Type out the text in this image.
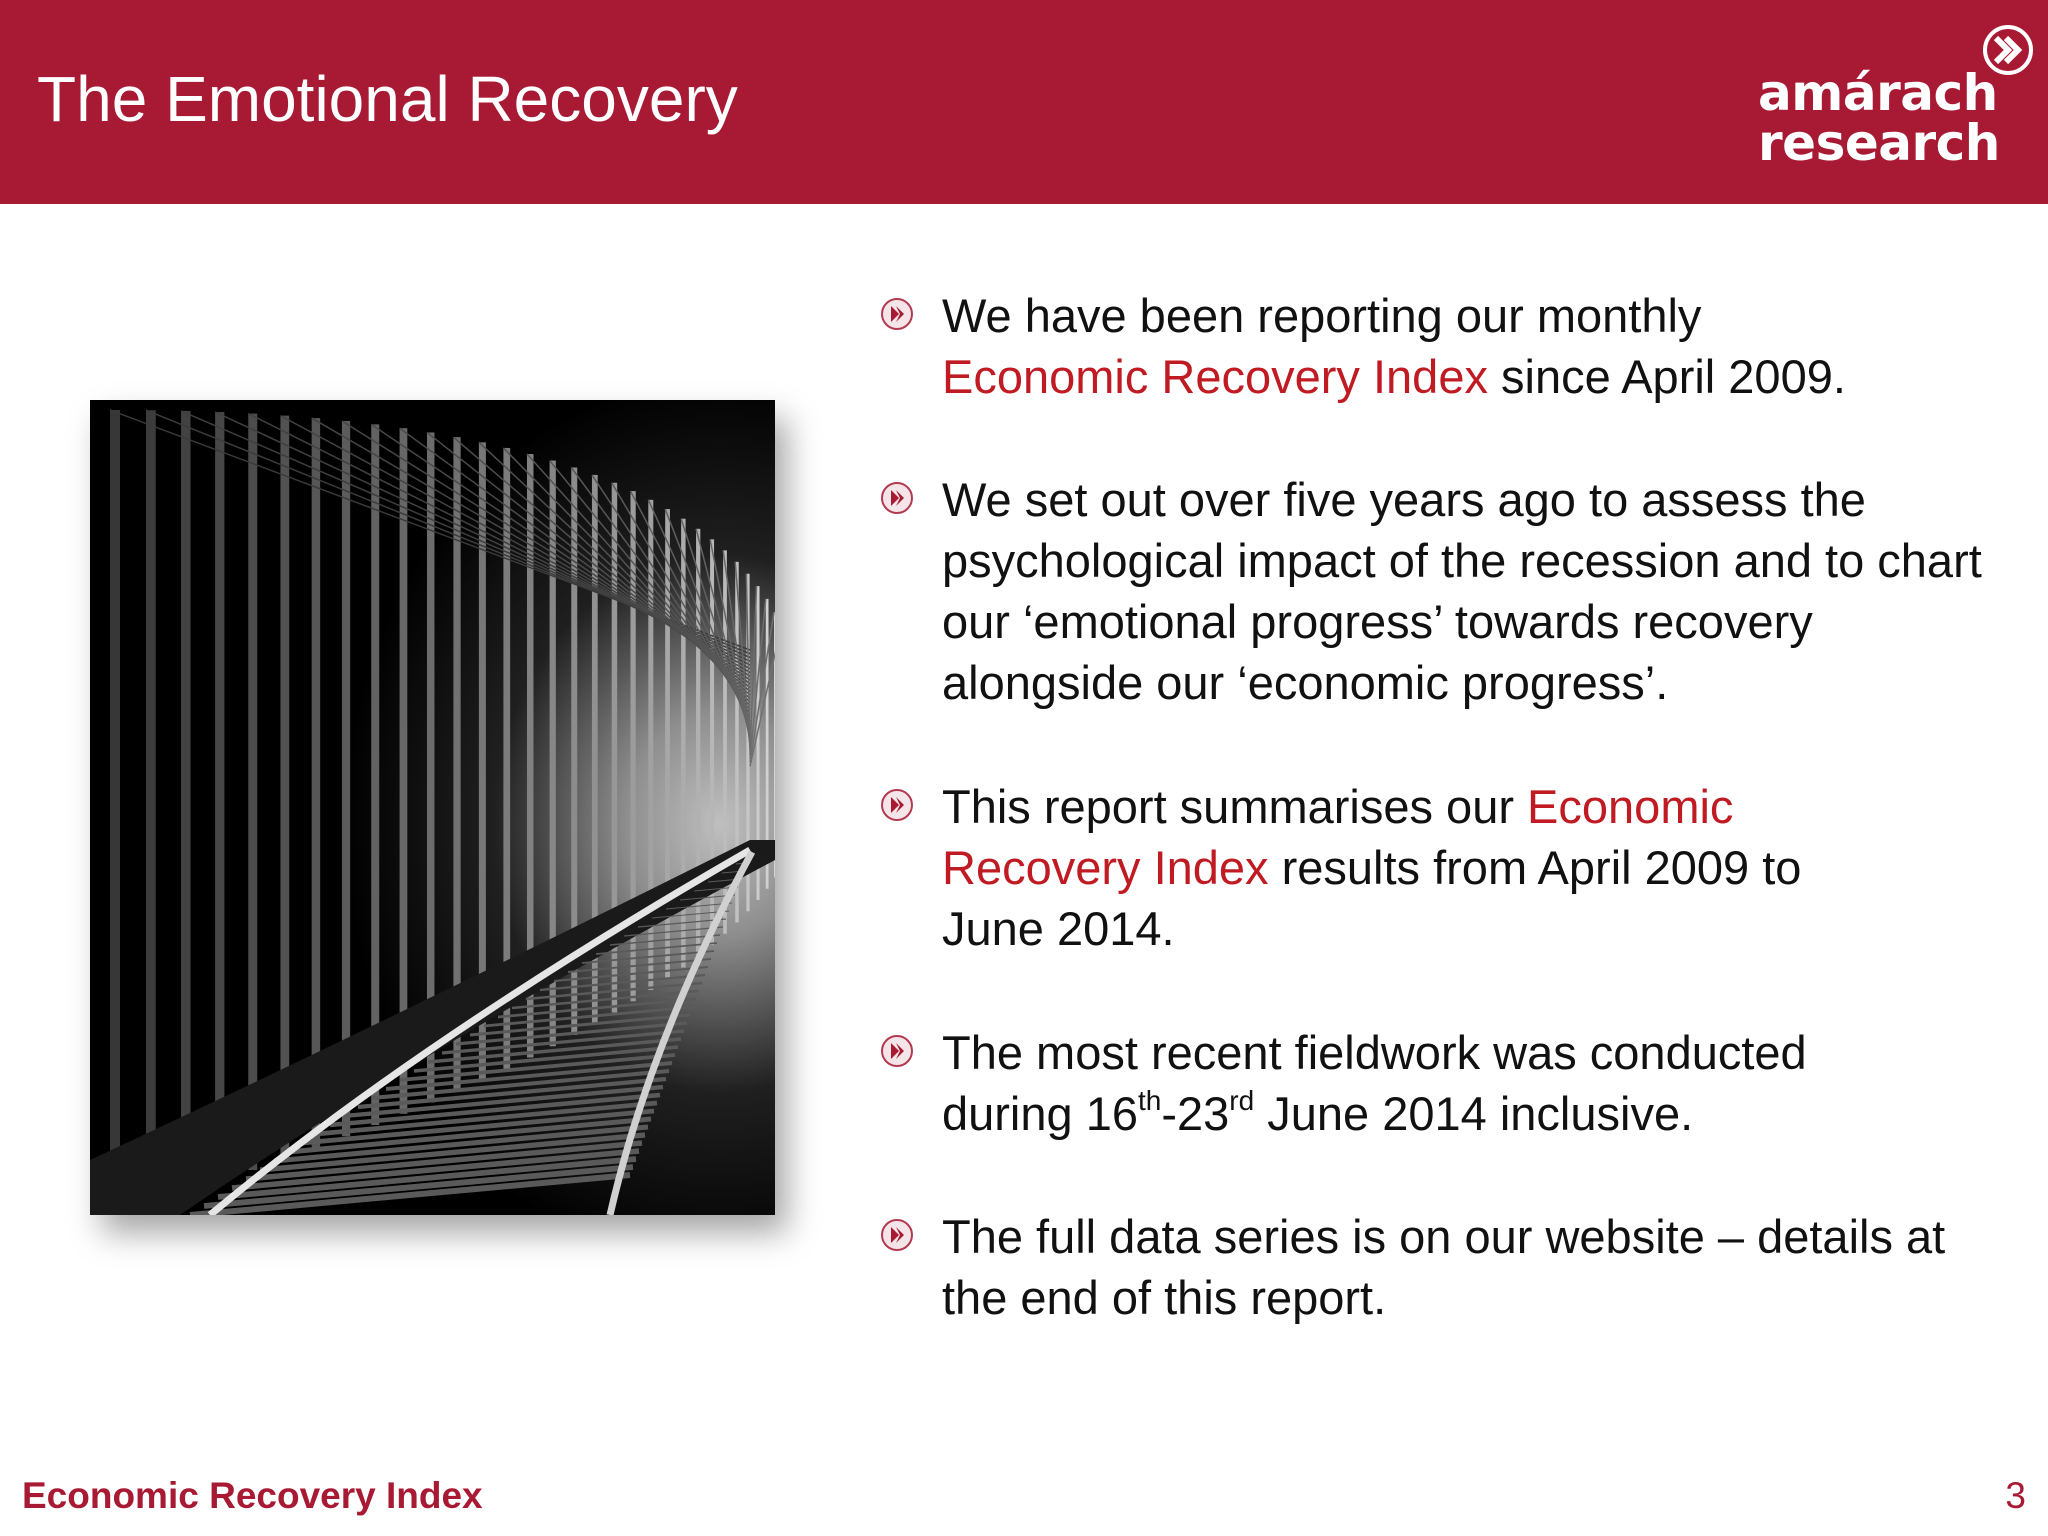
The Emotional Recovery	amárach
research
We have been reporting our monthly
Economic Recovery Index since April 2009.
We set out over five years ago to assess the psychological impact of the recession and to chart our ‘emotional progress’ towards recovery alongside our ‘economic progress’.
This report summarises our Economic Recovery Index results from April 2009 to June 2014.
The most recent fieldwork was conducted during 16th-23rd June 2014 inclusive.
The full data series is on our website – details at the end of this report.
Economic Recovery Index	3
